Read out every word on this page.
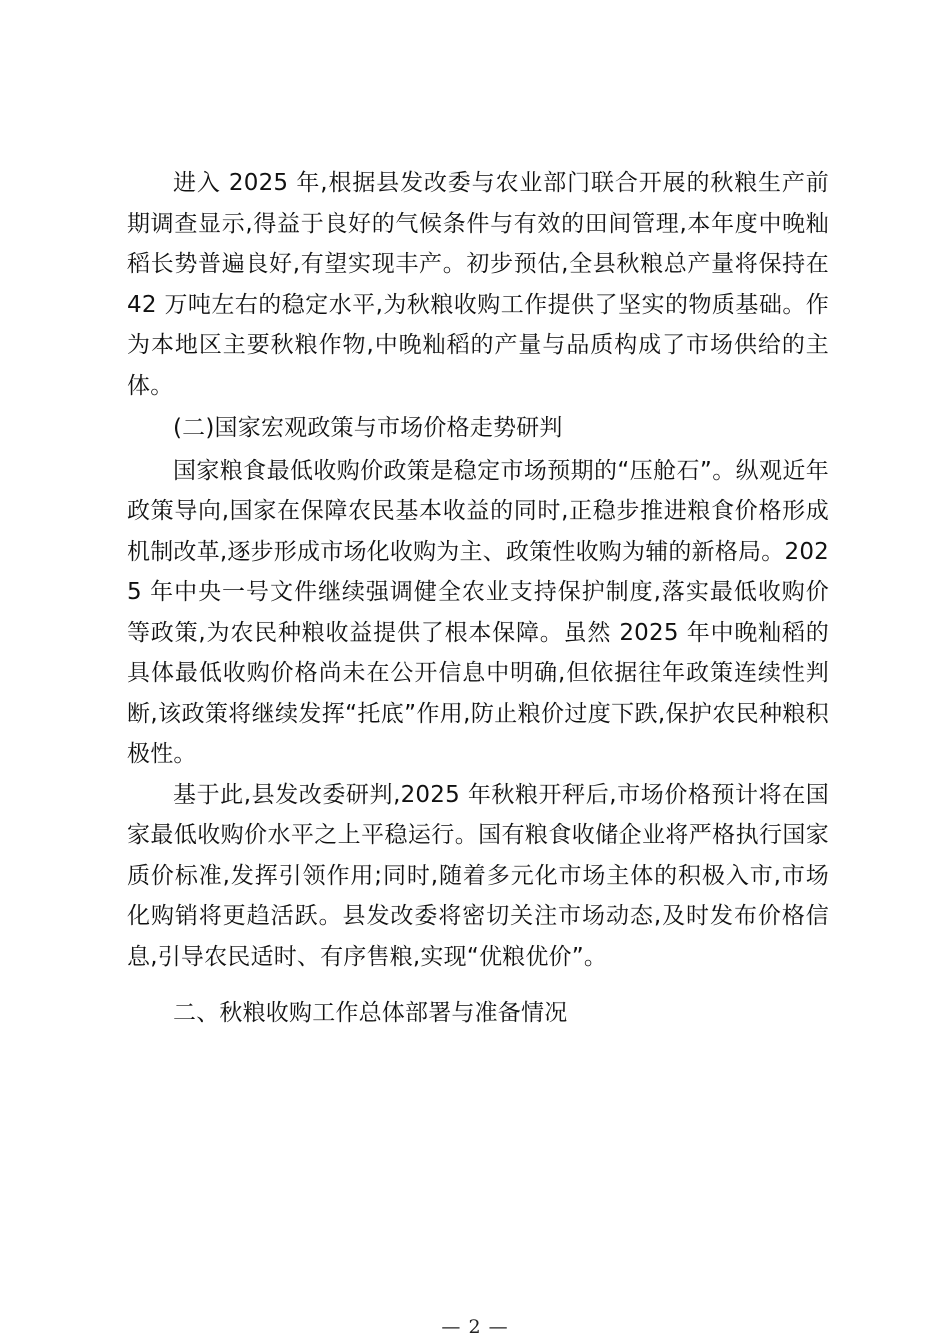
进入 2025 年,根据县发改委与农业部门联合开展的秋粮生产前期调查显示,得益于良好的气候条件与有效的田间管理,本年度中晚籼稻长势普遍良好,有望实现丰产。初步预估,全县秋粮总产量将保持在 42 万吨左右的稳定水平,为秋粮收购工作提供了坚实的物质基础。作为本地区主要秋粮作物,中晚籼稻的产量与品质构成了市场供给的主体。

(二)国家宏观政策与市场价格走势研判

国家粮食最低收购价政策是稳定市场预期的“压舱石”。纵观近年政策导向,国家在保障农民基本收益的同时,正稳步推进粮食价格形成机制改革,逐步形成市场化收购为主、政策性收购为辅的新格局。2025 年中央一号文件继续强调健全农业支持保护制度,落实最低收购价等政策,为农民种粮收益提供了根本保障。虽然 2025 年中晚籼稻的具体最低收购价格尚未在公开信息中明确,但依据往年政策连续性判断,该政策将继续发挥“托底”作用,防止粮价过度下跌,保护农民种粮积极性。

基于此,县发改委研判,2025 年秋粮开秤后,市场价格预计将在国家最低收购价水平之上平稳运行。国有粮食收储企业将严格执行国家质价标准,发挥引领作用;同时,随着多元化市场主体的积极入市,市场化购销将更趋活跃。县发改委将密切关注市场动态,及时发布价格信息,引导农民适时、有序售粮,实现“优粮优价”。

二、秋粮收购工作总体部署与准备情况

— 2 —
